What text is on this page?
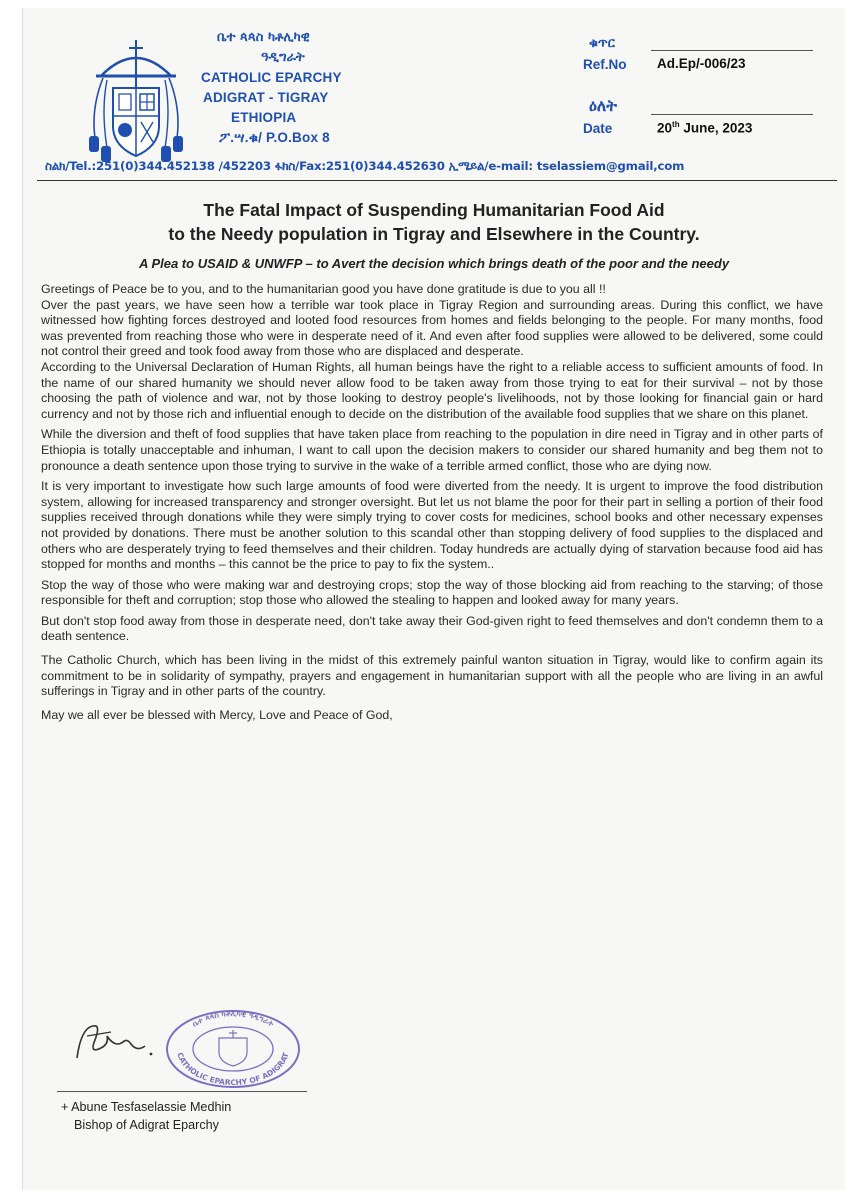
ቤተ ጳጳስ ካቶሊካዊ
ዓዲግራት
CATHOLIC EPARCHY
ADIGRAT - TIGRAY
ETHIOPIA
ፖ.ሣ.ቁ/ P.O.Box 8
ቁጥር
Ref.No Ad.Ep/-006/23
ዕለት
Date	20th June, 2023
ስልክ/Tel.:251(0)344.452138 /452203 ፋክስ/Fax:251(0)344.452630 ኢሜይል/e-mail: tselassiem@gmail,com
The Fatal Impact of Suspending Humanitarian Food Aid
to the Needy population in Tigray and Elsewhere in the Country.
A Plea to USAID & UNWFP – to Avert the decision which brings death of the poor and the needy

Greetings of Peace be to you, and to the humanitarian good you have done gratitude is due to you all !!

Over the past years, we have seen how a terrible war took place in Tigray Region and surrounding areas. During this conflict, we have witnessed how fighting forces destroyed and looted food resources from homes and fields belonging to the people. For many months, food was prevented from reaching those who were in desperate need of it. And even after food supplies were allowed to be delivered, some could not control their greed and took food away from those who are displaced and desperate.

According to the Universal Declaration of Human Rights, all human beings have the right to a reliable access to sufficient amounts of food. In the name of our shared humanity we should never allow food to be taken away from those trying to eat for their survival – not by those choosing the path of violence and war, not by those looking to destroy people's livelihoods, not by those looking for financial gain or hard currency and not by those rich and influential enough to decide on the distribution of the available food supplies that we share on this planet.

While the diversion and theft of food supplies that have taken place from reaching to the population in dire need in Tigray and in other parts of Ethiopia is totally unacceptable and inhuman, I want to call upon the decision makers to consider our shared humanity and beg them not to pronounce a death sentence upon those trying to survive in the wake of a terrible armed conflict, those who are dying now.

It is very important to investigate how such large amounts of food were diverted from the needy. It is urgent to improve the food distribution system, allowing for increased transparency and stronger oversight. But let us not blame the poor for their part in selling a portion of their food supplies received through donations while they were simply trying to cover costs for medicines, school books and other necessary expenses not provided by donations. There must be another solution to this scandal other than stopping delivery of food supplies to the displaced and others who are desperately trying to feed themselves and their children. Today hundreds are actually dying of starvation because food aid has stopped for months and months – this cannot be the price to pay to fix the system..

Stop the way of those who were making war and destroying crops; stop the way of those blocking aid from reaching to the starving; of those responsible for theft and corruption; stop those who allowed the stealing to happen and looked away for many years.

But don't stop food away from those in desperate need, don't take away their God-given right to feed themselves and don't condemn them to a death sentence.

The Catholic Church, which has been living in the midst of this extremely painful wanton situation in Tigray, would like to confirm again its commitment to be in solidarity of sympathy, prayers and engagement in humanitarian support with all the people who are living in an awful sufferings in Tigray and in other parts of the country.

May we all ever be blessed with Mercy, Love and Peace of God,

ቤተ ጳጳስ ካቶሊካዊ ዓዲግራት
CATHOLIC EPARCHY OF ADIGRAT
+ Abune Tesfaselassie Medhin
Bishop of Adigrat Eparchy
